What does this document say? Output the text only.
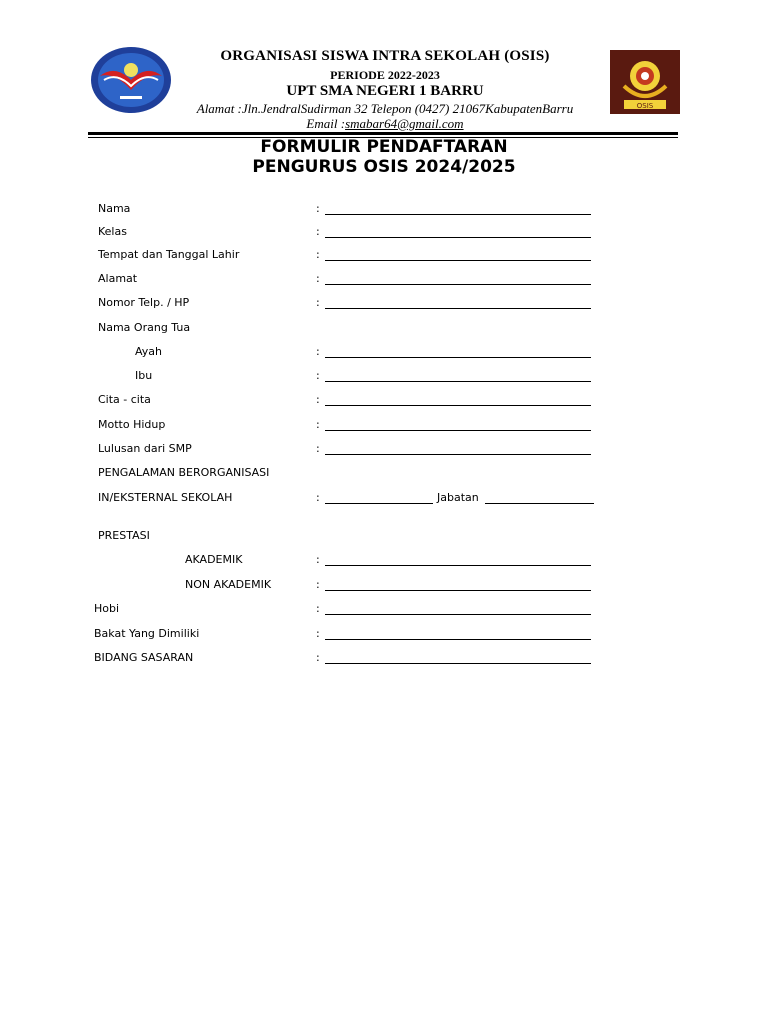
OSIS
ORGANISASI SISWA INTRA SEKOLAH (OSIS)
PERIODE 2022-2023
UPT SMA NEGERI 1 BARRU
Alamat :Jln.JendralSudirman 32 Telepon (0427) 21067KabupatenBarru
Email :smabar64@gmail.com
FORMULIR PENDAFTARAN
PENGURUS OSIS 2024/2025
Nama	:
Kelas	:
Tempat dan Tanggal Lahir	:
Alamat	:
Nomor Telp. / HP	:
Nama Orang Tua
Ayah	:
Ibu	:
Cita - cita	:
Motto Hidup	:
Lulusan dari SMP	:
PENGALAMAN BERORGANISASI
IN/EKSTERNAL SEKOLAH	:	Jabatan
PRESTASI
AKADEMIK	:
NON AKADEMIK	:
Hobi	:
Bakat Yang Dimiliki	:
BIDANG SASARAN	:
